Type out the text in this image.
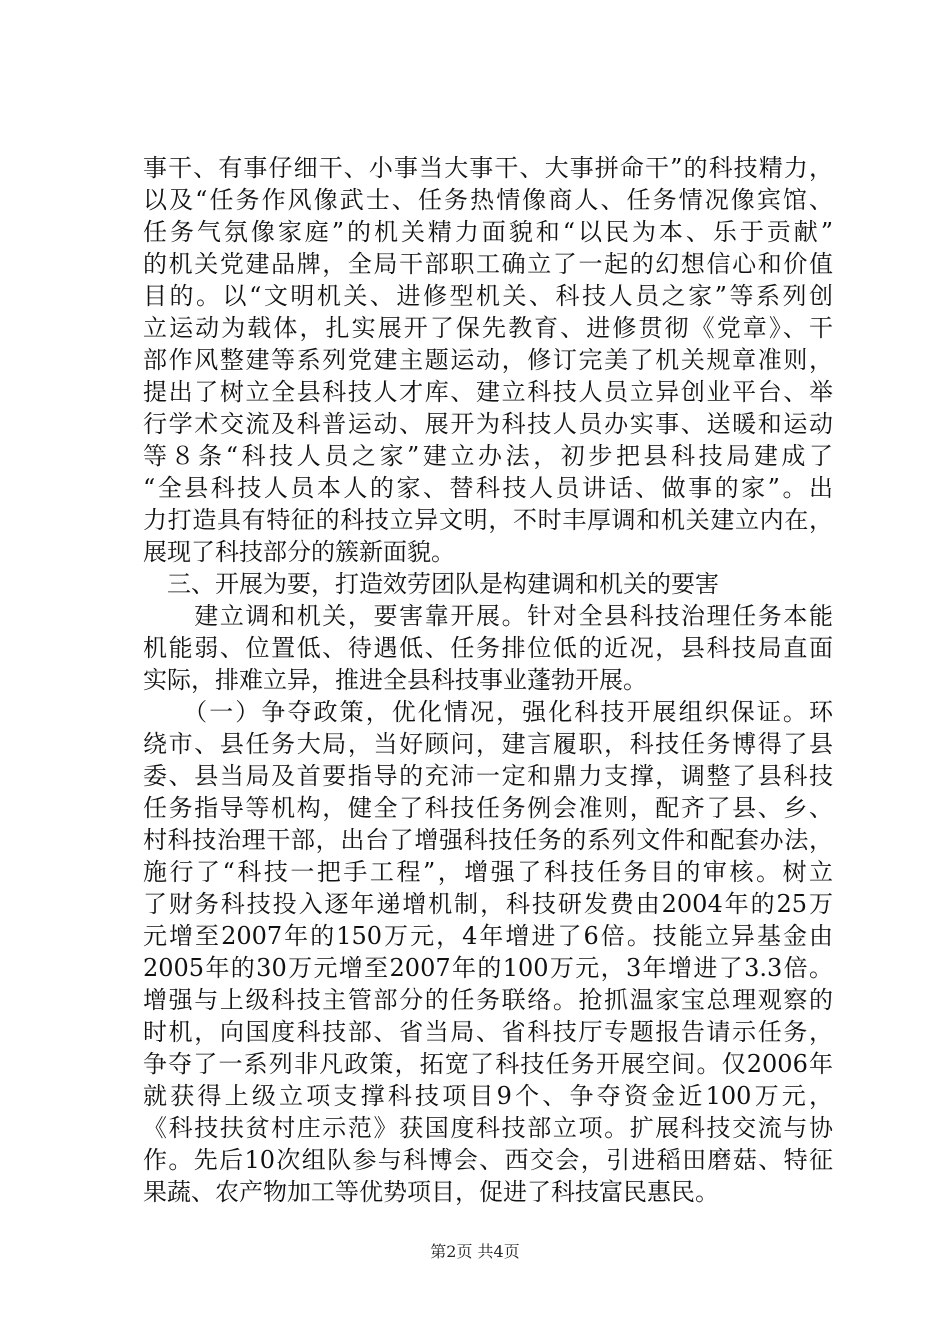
事干、有事仔细干、小事当大事干、大事拼命干”的科技精力，
以及“任务作风像武士、任务热情像商人、任务情况像宾馆、
任务气氛像家庭”的机关精力面貌和“以民为本、乐于贡献”
的机关党建品牌，全局干部职工确立了一起的幻想信心和价值
目的。以“文明机关、进修型机关、科技人员之家”等系列创
立运动为载体，扎实展开了保先教育、进修贯彻《党章》、干
部作风整建等系列党建主题运动，修订完美了机关规章准则，
提出了树立全县科技人才库、建立科技人员立异创业平台、举
行学术交流及科普运动、展开为科技人员办实事、送暖和运动
等８条“科技人员之家”建立办法，初步把县科技局建成了
“全县科技人员本人的家、替科技人员讲话、做事的家”。出
力打造具有特征的科技立异文明，不时丰厚调和机关建立内在，
展现了科技部分的簇新面貌。
　三、开展为要，打造效劳团队是构建调和机关的要害
　　建立调和机关，要害靠开展。针对全县科技治理任务本能
机能弱、位置低、待遇低、任务排位低的近况，县科技局直面
实际，排难立异，推进全县科技事业蓬勃开展。
　　（一）争夺政策，优化情况，强化科技开展组织保证。环
绕市、县任务大局，当好顾问，建言履职，科技任务博得了县
委、县当局及首要指导的充沛一定和鼎力支撑，调整了县科技
任务指导等机构，健全了科技任务例会准则，配齐了县、乡、
村科技治理干部，出台了增强科技任务的系列文件和配套办法，
施行了“科技一把手工程”，增强了科技任务目的审核。树立
了财务科技投入逐年递增机制，科技研发费由2004年的25万
元增至2007年的150万元，4年增进了6倍。技能立异基金由
2005年的30万元增至2007年的100万元，3年增进了3.3倍。
增强与上级科技主管部分的任务联络。抢抓温家宝总理观察的
时机，向国度科技部、省当局、省科技厅专题报告请示任务，
争夺了一系列非凡政策，拓宽了科技任务开展空间。仅2006年
就获得上级立项支撑科技项目9个、争夺资金近100万元，
《科技扶贫村庄示范》获国度科技部立项。扩展科技交流与协
作。先后10次组队参与科博会、西交会，引进稻田磨菇、特征
果蔬、农产物加工等优势项目，促进了科技富民惠民。
第2页 共4页
